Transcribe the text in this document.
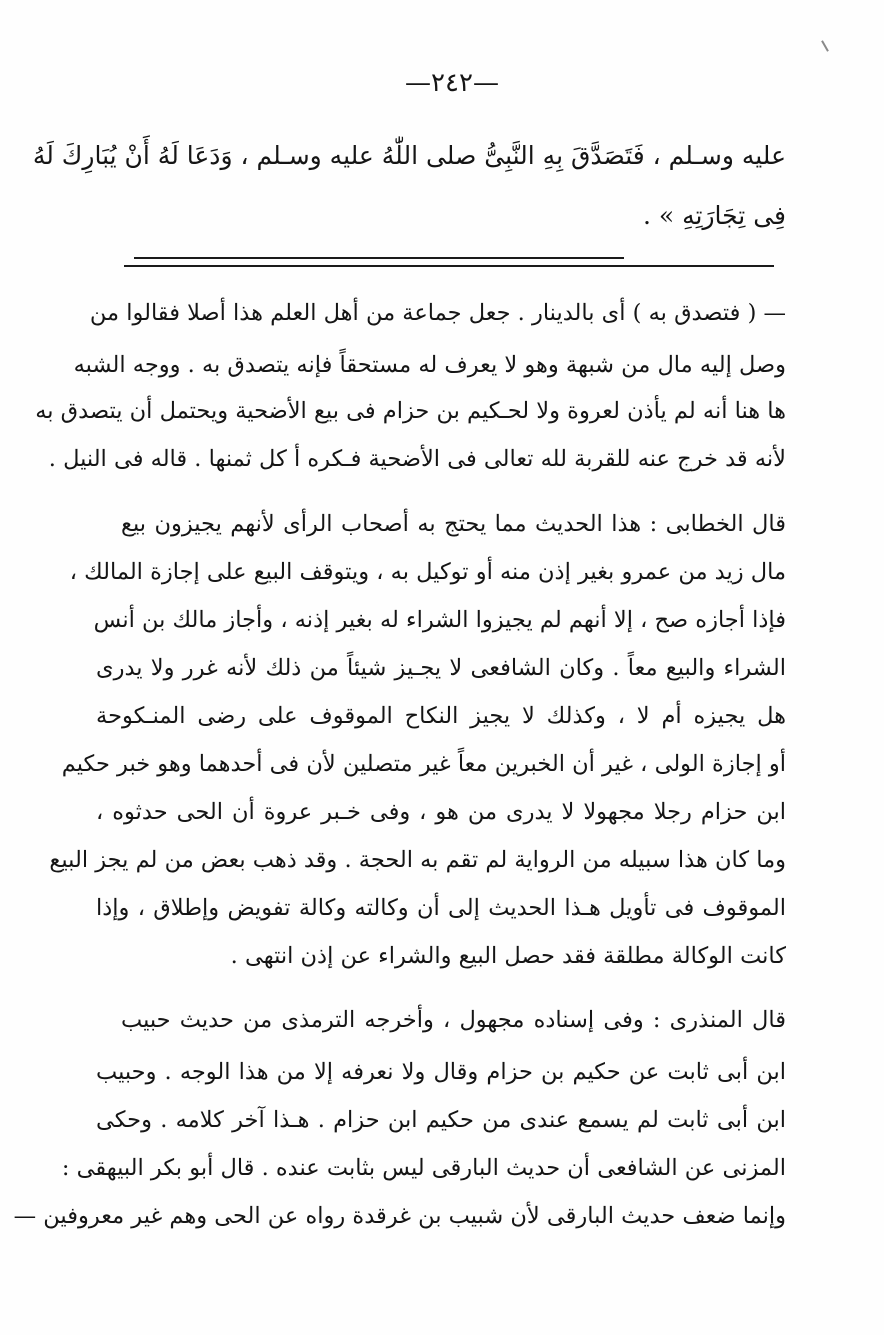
—٢٤٢—
عليه وسـلم ، فَتَصَدَّقَ بِهِ النَّبِىُّ صلى اللّٰهُ عليه وسـلم ، وَدَعَا لَهُ أَنْ يُبَارِكَ لَهُ
فِى تِجَارَتِهِ » .
— ( فتصدق به ) أى بالدينار . جعل جماعة من أهل العلم هذا أصلا فقالوا من
وصل إليه مال من شبهة وهو لا يعرف له مستحقاً فإنه يتصدق به . ووجه الشبه
ها هنا أنه لم يأذن لعروة ولا لحـكيم بن حزام فى بيع الأضحية ويحتمل أن يتصدق به
لأنه قد خرج عنه للقربة لله تعالى فى الأضحية فـكره أ كل ثمنها . قاله فى النيل .
قال الخطابى : هذا الحديث مما يحتج به أصحاب الرأى لأنهم يجيزون بيع
مال زيد من عمرو بغير إذن منه أو توكيل به ، ويتوقف البيع على إجازة المالك ،
فإذا أجازه صح ، إلا أنهم لم يجيزوا الشراء له بغير إذنه ، وأجاز مالك بن أنس
الشراء والبيع معاً . وكان الشافعى لا يجـيز شيئاً من ذلك لأنه غرر ولا يدرى
هل يجيزه أم لا ، وكذلك لا يجيز النكاح الموقوف على رضى المنـكوحة
أو إجازة الولى ، غير أن الخبرين معاً غير متصلين لأن فى أحدهما وهو خبر حكيم
ابن حزام رجلا مجهولا لا يدرى من هو ، وفى خـبر عروة أن الحى حدثوه ،
وما كان هذا سبيله من الرواية لم تقم به الحجة . وقد ذهب بعض من لم يجز البيع
الموقوف فى تأويل هـذا الحديث إلى أن وكالته وكالة تفويض وإطلاق ، وإذا
كانت الوكالة مطلقة فقد حصل البيع والشراء عن إذن انتهى .
قال المنذرى : وفى إسناده مجهول ، وأخرجه الترمذى من حديث حبيب
ابن أبى ثابت عن حكيم بن حزام وقال ولا نعرفه إلا من هذا الوجه . وحبيب
ابن أبى ثابت لم يسمع عندى من حكيم ابن حزام . هـذا آخر كلامه . وحكى
المزنى عن الشافعى أن حديث البارقى ليس بثابت عنده . قال أبو بكر البيهقى :
وإنما ضعف حديث البارقى لأن شبيب بن غرقدة رواه عن الحى وهم غير معروفين —
